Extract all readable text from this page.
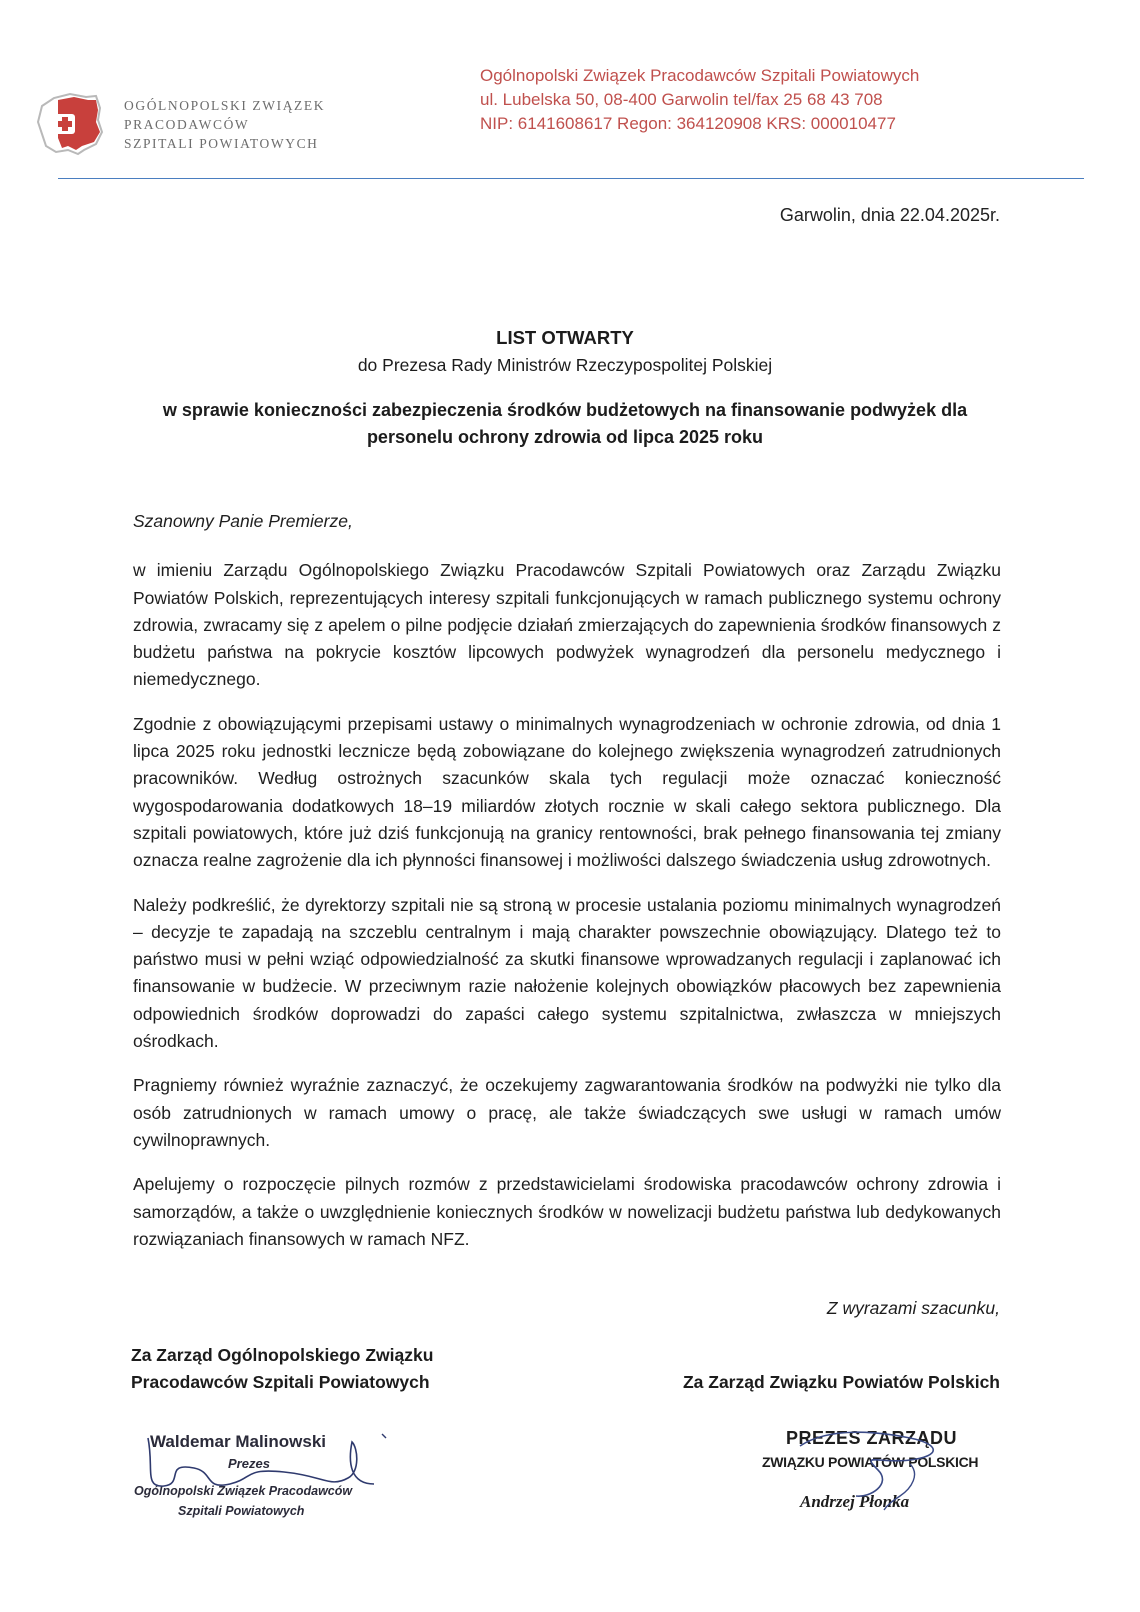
OGÓLNOPOLSKI ZWIĄZEK
PRACODAWCÓW
SZPITALI POWIATOWYCH
Ogólnopolski Związek Pracodawców Szpitali Powiatowych
ul. Lubelska 50, 08-400 Garwolin tel/fax 25 68 43 708
NIP: 6141608617 Regon: 364120908 KRS: 000010477
Garwolin, dnia 22.04.2025r.
LIST OTWARTY
do Prezesa Rady Ministrów Rzeczypospolitej Polskiej
w sprawie konieczności zabezpieczenia środków budżetowych na finansowanie podwyżek dla personelu ochrony zdrowia od lipca 2025 roku

Szanowny Panie Premierze,

w imieniu Zarządu Ogólnopolskiego Związku Pracodawców Szpitali Powiatowych oraz Zarządu Związku Powiatów Polskich, reprezentujących interesy szpitali funkcjonujących w ramach publicznego systemu ochrony zdrowia, zwracamy się z apelem o pilne podjęcie działań zmierzających do zapewnienia środków finansowych z budżetu państwa na pokrycie kosztów lipcowych podwyżek wynagrodzeń dla personelu medycznego i niemedycznego.

Zgodnie z obowiązującymi przepisami ustawy o minimalnych wynagrodzeniach w ochronie zdrowia, od dnia 1 lipca 2025 roku jednostki lecznicze będą zobowiązane do kolejnego zwiększenia wynagrodzeń zatrudnionych pracowników. Według ostrożnych szacunków skala tych regulacji może oznaczać konieczność wygospodarowania dodatkowych 18–19 miliardów złotych rocznie w skali całego sektora publicznego. Dla szpitali powiatowych, które już dziś funkcjonują na granicy rentowności, brak pełnego finansowania tej zmiany oznacza realne zagrożenie dla ich płynności finansowej i możliwości dalszego świadczenia usług zdrowotnych.

Należy podkreślić, że dyrektorzy szpitali nie są stroną w procesie ustalania poziomu minimalnych wynagrodzeń – decyzje te zapadają na szczeblu centralnym i mają charakter powszechnie obowiązujący. Dlatego też to państwo musi w pełni wziąć odpowiedzialność za skutki finansowe wprowadzanych regulacji i zaplanować ich finansowanie w budżecie. W przeciwnym razie nałożenie kolejnych obowiązków płacowych bez zapewnienia odpowiednich środków doprowadzi do zapaści całego systemu szpitalnictwa, zwłaszcza w mniejszych ośrodkach.

Pragniemy również wyraźnie zaznaczyć, że oczekujemy zagwarantowania środków na podwyżki nie tylko dla osób zatrudnionych w ramach umowy o pracę, ale także świadczących swe usługi w ramach umów cywilnoprawnych.

Apelujemy o rozpoczęcie pilnych rozmów z przedstawicielami środowiska pracodawców ochrony zdrowia i samorządów, a także o uwzględnienie koniecznych środków w nowelizacji budżetu państwa lub dedykowanych rozwiązaniach finansowych w ramach NFZ.

Z wyrazami szacunku,
Za Zarząd Ogólnopolskiego Związku
Pracodawców Szpitali Powiatowych	Za Zarząd Związku Powiatów Polskich
Waldemar Malinowski
Prezes
Ogólnopolski Związek Pracodawców
Szpitali Powiatowych
PREZES ZARZĄDU
ZWIĄZKU POWIATÓW POLSKICH
Andrzej Płonka
